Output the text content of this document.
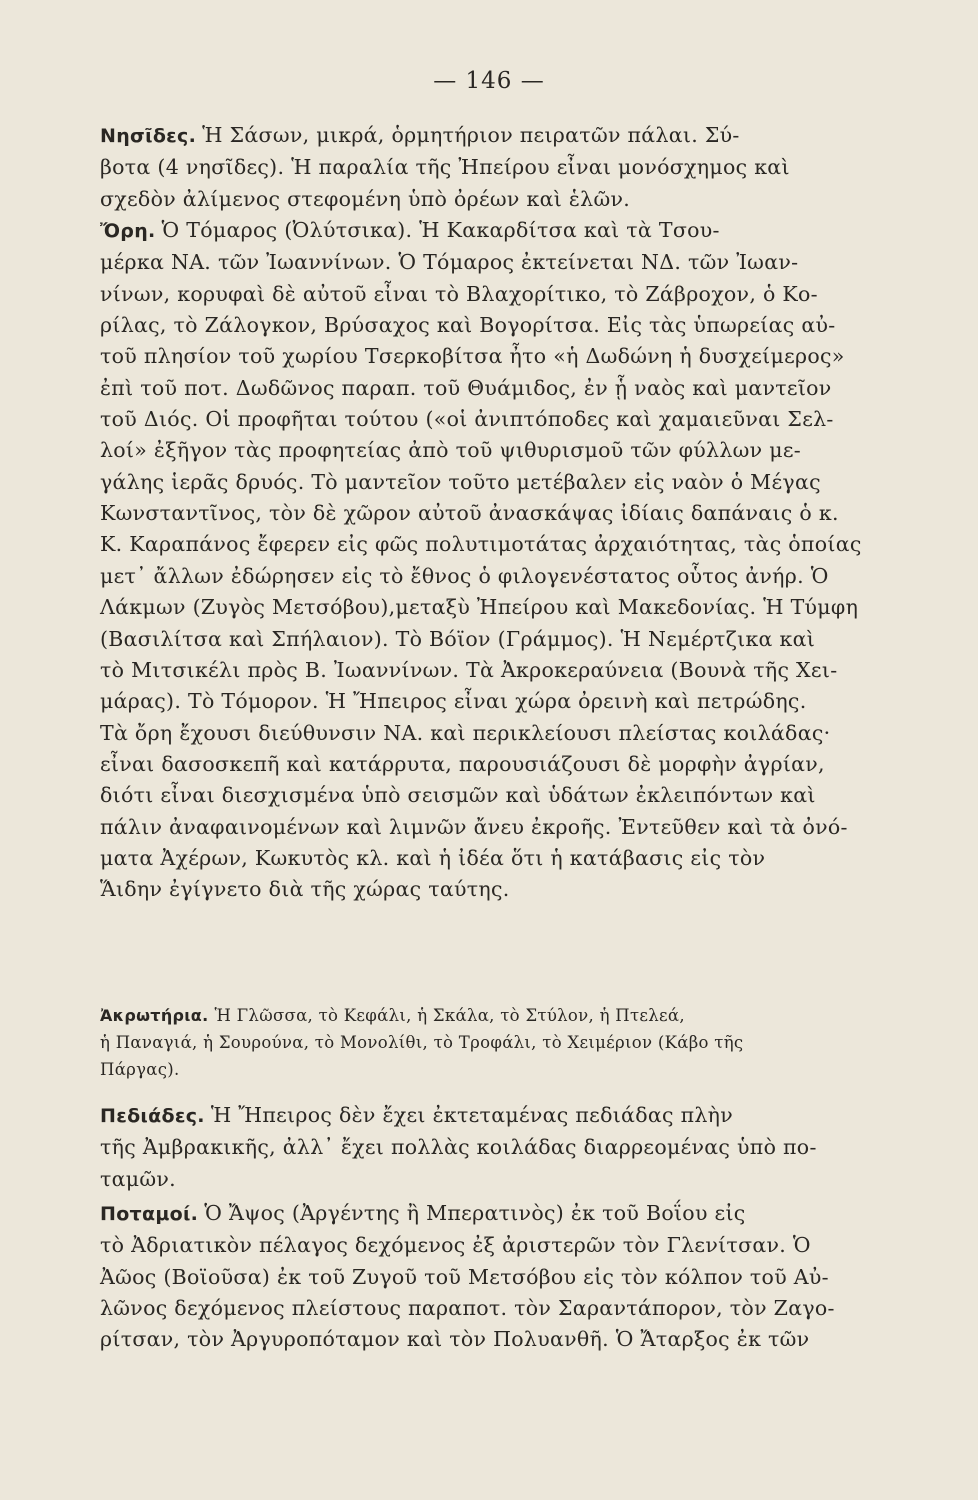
— 146 —
Νησῖδες. Ἡ Σάσων, μικρά, ὁρμητήριον πειρατῶν πάλαι. Σύ-
βοτα (4 νησῖδες). Ἡ παραλία τῆς Ἠπείρου εἶναι μονόσχημος καὶ
σχεδὸν ἀλίμενος στεφομένη ὑπὸ ὀρέων καὶ ἑλῶν.
Ὄρη. Ὁ Τόμαρος (Ὀλύτσικα). Ἡ Κακαρδίτσα καὶ τὰ Τσου-
μέρκα ΝΑ. τῶν Ἰωαννίνων. Ὁ Τόμαρος ἐκτείνεται ΝΔ. τῶν Ἰωαν-
νίνων, κορυφαὶ δὲ αὐτοῦ εἶναι τὸ Βλαχορίτικο, τὸ Ζάβροχον, ὁ Κο-
ρίλας, τὸ Ζάλογκον, Βρύσαχος καὶ Βογορίτσα. Εἰς τὰς ὑπωρείας αὐ-
τοῦ πλησίον τοῦ χωρίου Τσερκοβίτσα ἦτο «ἡ Δωδώνη ἡ δυσχείμερος»
ἐπὶ τοῦ ποτ. Δωδῶνος παραπ. τοῦ Θυάμιδος, ἐν ᾗ ναὸς καὶ μαντεῖον
τοῦ Διός. Οἱ προφῆται τούτου («οἱ ἀνιπτόποδες καὶ χαμαιεῦναι Σελ-
λοί» ἐξῆγον τὰς προφητείας ἀπὸ τοῦ ψιθυρισμοῦ τῶν φύλλων με-
γάλης ἱερᾶς δρυός. Τὸ μαντεῖον τοῦτο μετέβαλεν εἰς ναὸν ὁ Μέγας
Κωνσταντῖνος, τὸν δὲ χῶρον αὐτοῦ ἀνασκάψας ἰδίαις δαπάναις ὁ κ.
Κ. Καραπάνος ἔφερεν εἰς φῶς πολυτιμοτάτας ἀρχαιότητας, τὰς ὁποίας
μετ᾽ ἄλλων ἐδώρησεν εἰς τὸ ἔθνος ὁ φιλογενέστατος οὗτος ἀνήρ. Ὁ
Λάκμων (Ζυγὸς Μετσόβου),μεταξὺ Ἠπείρου καὶ Μακεδονίας. Ἡ Τύμφη
(Βασιλίτσα καὶ Σπήλαιον). Τὸ Βόϊον (Γράμμος). Ἡ Νεμέρτζικα καὶ
τὸ Μιτσικέλι πρὸς Β. Ἰωαννίνων. Τὰ Ἀκροκεραύνεια (Βουνὰ τῆς Χει-
μάρας). Τὸ Τόμορον. Ἡ Ἤπειρος εἶναι χώρα ὀρεινὴ καὶ πετρώδης.
Τὰ ὄρη ἔχουσι διεύθυνσιν ΝΑ. καὶ περικλείουσι πλείστας κοιλάδας·
εἶναι δασοσκεπῆ καὶ κατάρρυτα, παρουσιάζουσι δὲ μορφὴν ἀγρίαν,
διότι εἶναι διεσχισμένα ὑπὸ σεισμῶν καὶ ὑδάτων ἐκλειπόντων καὶ
πάλιν ἀναφαινομένων καὶ λιμνῶν ἄνευ ἐκροῆς. Ἐντεῦθεν καὶ τὰ ὀνό-
ματα Ἀχέρων, Κωκυτὸς κλ. καὶ ἡ ἰδέα ὅτι ἡ κατάβασις εἰς τὸν
Ἅιδην ἐγίγνετο διὰ τῆς χώρας ταύτης.
Ἀκρωτήρια. Ἡ Γλῶσσα, τὸ Κεφάλι, ἡ Σκάλα, τὸ Στύλον, ἡ Πτελεά,
ἡ Παναγιά, ἡ Σουρούνα, τὸ Μονολίθι, τὸ Τροφάλι, τὸ Χειμέριον (Κάβο τῆς
Πάργας).
Πεδιάδες. Ἡ Ἤπειρος δὲν ἔχει ἐκτεταμένας πεδιάδας πλὴν
τῆς Ἀμβρακικῆς, ἀλλ᾽ ἔχει πολλὰς κοιλάδας διαρρεομένας ὑπὸ πο-
ταμῶν.
Ποταμοί. Ὁ Ἄψος (Ἀργέντης ἢ Μπερατινὸς) ἐκ τοῦ Βοΐου εἰς
τὸ Ἀδριατικὸν πέλαγος δεχόμενος ἐξ ἀριστερῶν τὸν Γλενίτσαν. Ὁ
Ἀῶος (Βοϊοῦσα) ἐκ τοῦ Ζυγοῦ τοῦ Μετσόβου εἰς τὸν κόλπον τοῦ Αὐ-
λῶνος δεχόμενος πλείστους παραποτ. τὸν Σαραντάπορον, τὸν Ζαγο-
ρίτσαν, τὸν Ἀργυροπόταμον καὶ τὸν Πολυανθῆ. Ὁ Ἄταρξος ἐκ τῶν
